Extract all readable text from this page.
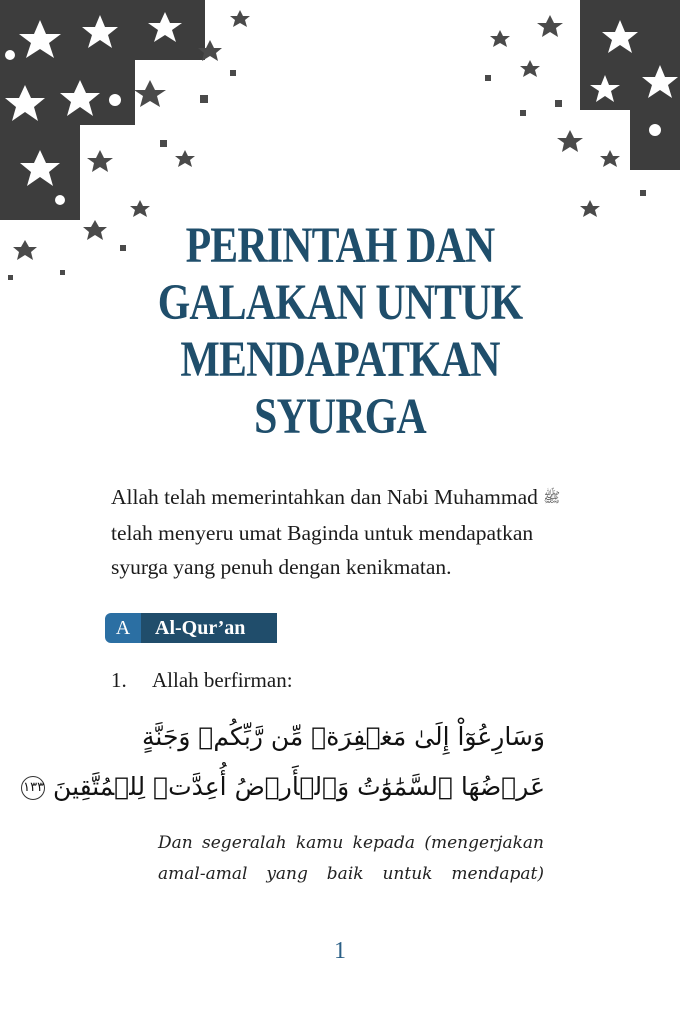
PERINTAH DAN
GALAKAN UNTUK
MENDAPATKAN
SYURGA

Allah telah memerintahkan dan Nabi Muhammad ﷺ
telah menyeru umat Baginda untuk mendapatkan
syurga yang penuh dengan kenikmatan.

A	Al-Qur’an
1. Allah berfirman:

وَسَارِعُوٓاْ إِلَىٰ مَغۡفِرَةٖ مِّن رَّبِّكُمۡ وَجَنَّةٍ

عَرۡضُهَا ٱلسَّمَٰوَٰتُ وَٱلۡأَرۡضُ أُعِدَّتۡ لِلۡمُتَّقِينَ ١٣٣

Dan segeralah kamu kepada (mengerjakan
amal-amal yang baik untuk mendapat)

1
